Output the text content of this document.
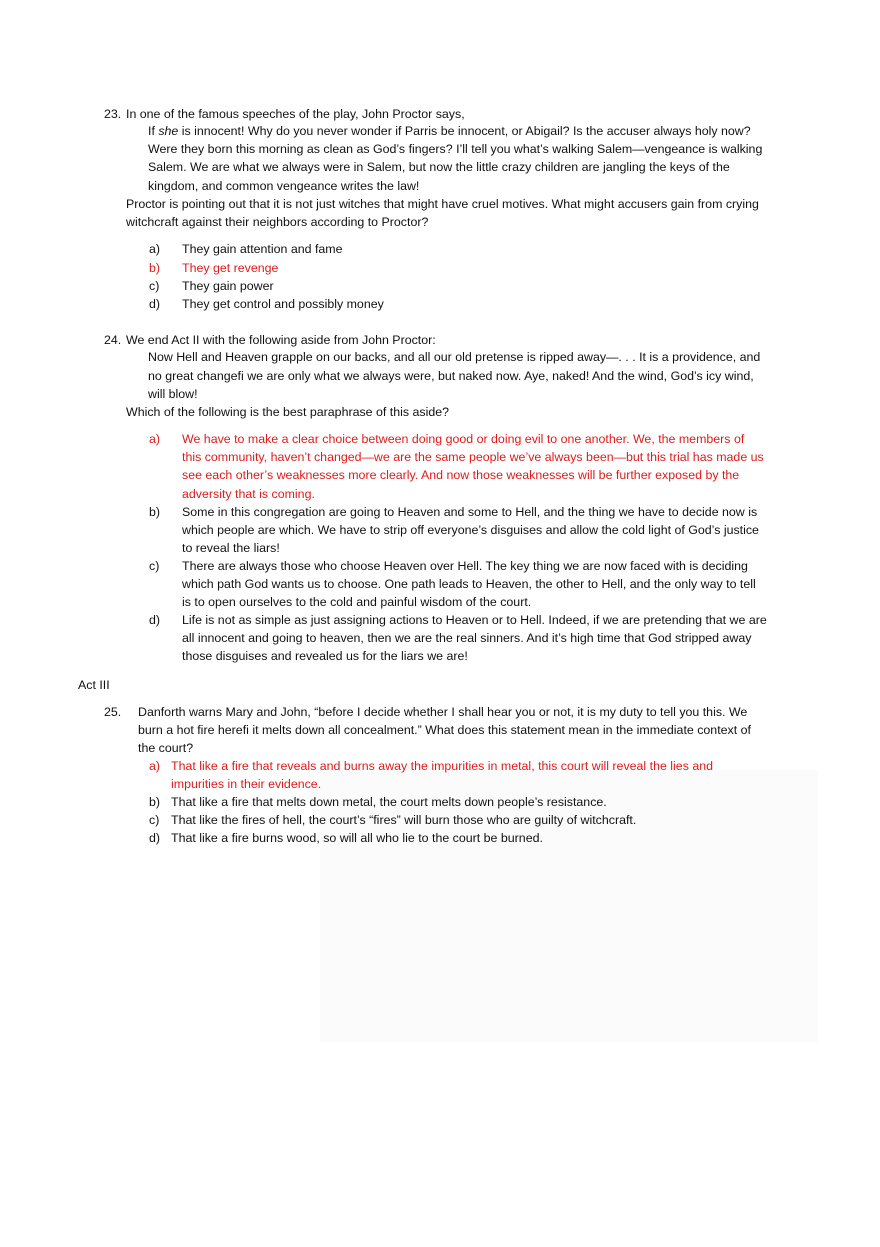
23. In one of the famous speeches of the play, John Proctor says,
If she is innocent! Why do you never wonder if Parris be innocent, or Abigail? Is the accuser always holy now?
Were they born this morning as clean as God’s fingers? I’ll tell you what’s walking Salem—vengeance is walking
Salem. We are what we always were in Salem, but now the little crazy children are jangling the keys of the
kingdom, and common vengeance writes the law!
Proctor is pointing out that it is not just witches that might have cruel motives. What might accusers gain from crying
witchcraft against their neighbors according to Proctor?
a) They gain attention and fame
b) They get revenge
c) They gain power
d) They get control and possibly money
24. We end Act II with the following aside from John Proctor:
Now Hell and Heaven grapple on our backs, and all our old pretense is ripped away—. . . It is a providence, and
no great changefi we are only what we always were, but naked now. Aye, naked! And the wind, God’s icy wind,
will blow!
Which of the following is the best paraphrase of this aside?
a) We have to make a clear choice between doing good or doing evil to one another. We, the members of
this community, haven’t changed—we are the same people we’ve always been—but this trial has made us
see each other’s weaknesses more clearly. And now those weaknesses will be further exposed by the
adversity that is coming.
b) Some in this congregation are going to Heaven and some to Hell, and the thing we have to decide now is
which people are which. We have to strip off everyone’s disguises and allow the cold light of God’s justice
to reveal the liars!
c) There are always those who choose Heaven over Hell. The key thing we are now faced with is deciding
which path God wants us to choose. One path leads to Heaven, the other to Hell, and the only way to tell
is to open ourselves to the cold and painful wisdom of the court.
d) Life is not as simple as just assigning actions to Heaven or to Hell. Indeed, if we are pretending that we are
all innocent and going to heaven, then we are the real sinners. And it’s high time that God stripped away
those disguises and revealed us for the liars we are!
Act III
25. Danforth warns Mary and John, “before I decide whether I shall hear you or not, it is my duty to tell you this. We
burn a hot fire herefi it melts down all concealment.” What does this statement mean in the immediate context of
the court?
a) That like a fire that reveals and burns away the impurities in metal, this court will reveal the lies and
impurities in their evidence.
b) That like a fire that melts down metal, the court melts down people’s resistance.
c) That like the fires of hell, the court’s “fires” will burn those who are guilty of witchcraft.
d) That like a fire burns wood, so will all who lie to the court be burned.
